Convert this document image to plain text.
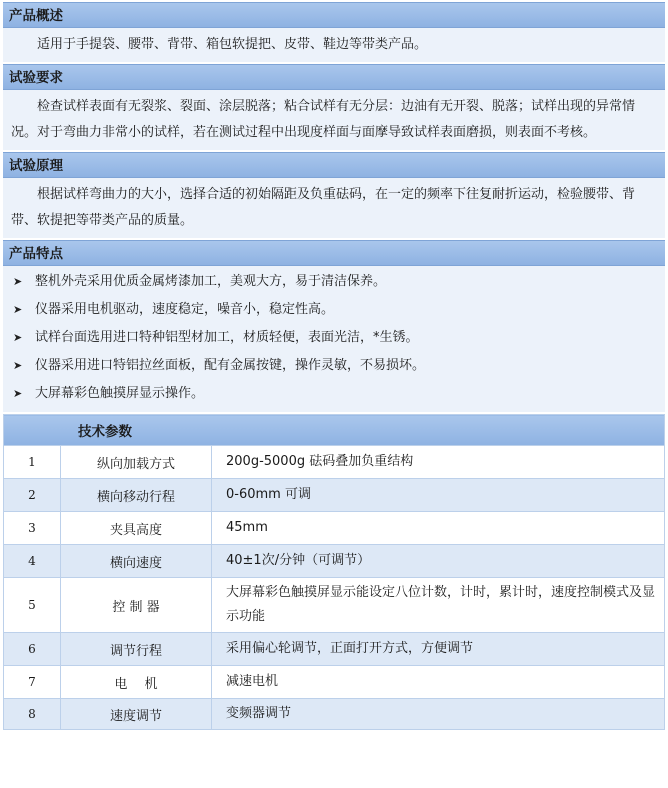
产品概述

适用于手提袋、腰带、背带、箱包软提把、皮带、鞋边等带类产品。

试验要求

检查试样表面有无裂浆、裂面、涂层脱落；粘合试样有无分层：边油有无开裂、脱落；试样出现的异常情况。对于弯曲力非常小的试样，若在测试过程中出现度样面与面摩导致试样表面磨损，则表面不考核。

试验原理

根据试样弯曲力的大小，选择合适的初始隔距及负重砝码，在一定的频率下往复耐折运动，检验腰带、背带、软提把等带类产品的质量。

产品特点
➤ 整机外壳采用优质金属烤漆加工，美观大方，易于清洁保养。
➤ 仪器采用电机驱动，速度稳定，噪音小，稳定性高。
➤ 试样台面选用进口特种铝型材加工，材质轻便，表面光洁，*生锈。
➤ 仪器采用进口特铝拉丝面板，配有金属按键，操作灵敏，不易损坏。
➤ 大屏幕彩色触摸屏显示操作。
技术参数		
1	纵向加载方式	200g-5000g 砝码叠加负重结构
2	横向移动行程	0-60mm 可调
3	夹具高度	45mm
4	横向速度	40±1次/分钟（可调节）
5	控 制 器	大屏幕彩色触摸屏显示能设定八位计数，计时，累计时，速度控制模式及显示功能
6	调节行程	采用偏心轮调节，正面打开方式，方便调节
7	电　 机	减速电机
8	速度调节	变频器调节
